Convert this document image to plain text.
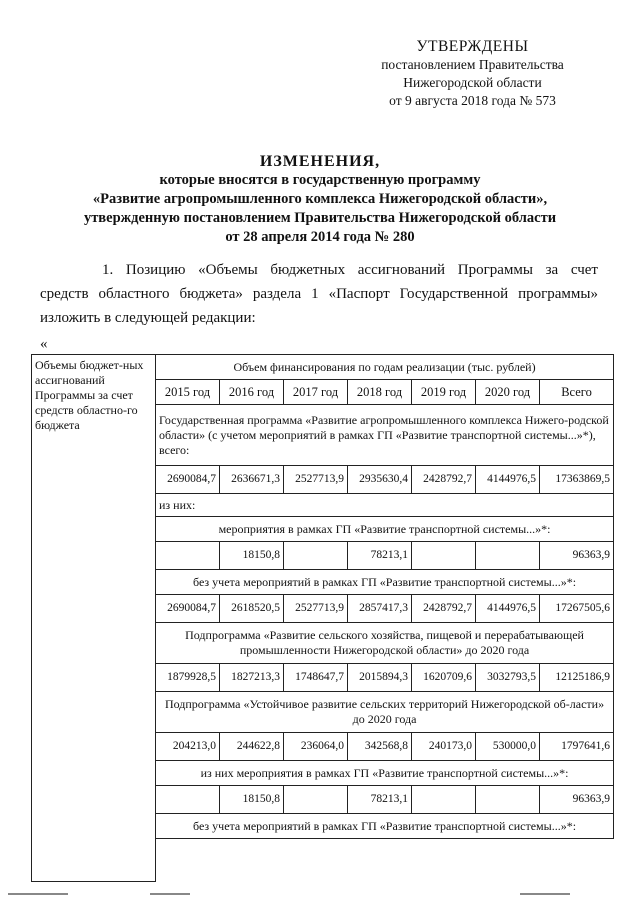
УТВЕРЖДЕНЫ
постановлением Правительства
Нижегородской области
от 9 августа 2018 года № 573
ИЗМЕНЕНИЯ,
которые вносятся в государственную программу
«Развитие агропромышленного комплекса Нижегородской области»,
утвержденную постановлением Правительства Нижегородской области
от 28 апреля 2014 года № 280
1. Позицию «Объемы бюджетных ассигнований Программы за счет
средств областного бюджета» раздела 1 «Паспорт Государственной программы»
изложить в следующей редакции:
«
Объемы бюджет-ных ассигнований Программы за счет средств областно-го бюджета	Объем финансирования по годам реализации (тыс. рублей)						
	2015 год	2016 год	2017 год	2018 год	2019 год	2020 год	Всего
	Государственная программа «Развитие агропромышленного комплекса Нижего-родской области» (с учетом мероприятий в рамках ГП «Развитие транспортной системы...»*), всего:						
	2690084,7	2636671,3	2527713,9	2935630,4	2428792,7	4144976,5	17363869,5
	из них:						
	мероприятия в рамках ГП «Развитие транспортной системы...»*:						
		18150,8		78213,1			96363,9
	без учета мероприятий в рамках ГП «Развитие транспортной системы...»*:						
	2690084,7	2618520,5	2527713,9	2857417,3	2428792,7	4144976,5	17267505,6
	Подпрограмма «Развитие сельского хозяйства, пищевой и перерабатывающей промышленности Нижегородской области» до 2020 года						
	1879928,5	1827213,3	1748647,7	2015894,3	1620709,6	3032793,5	12125186,9
	Подпрограмма «Устойчивое развитие сельских территорий Нижегородской об-ласти» до 2020 года						
	204213,0	244622,8	236064,0	342568,8	240173,0	530000,0	1797641,6
	из них мероприятия в рамках ГП «Развитие транспортной системы...»*:						
		18150,8		78213,1			96363,9
	без учета мероприятий в рамках ГП «Развитие транспортной системы...»*:						
